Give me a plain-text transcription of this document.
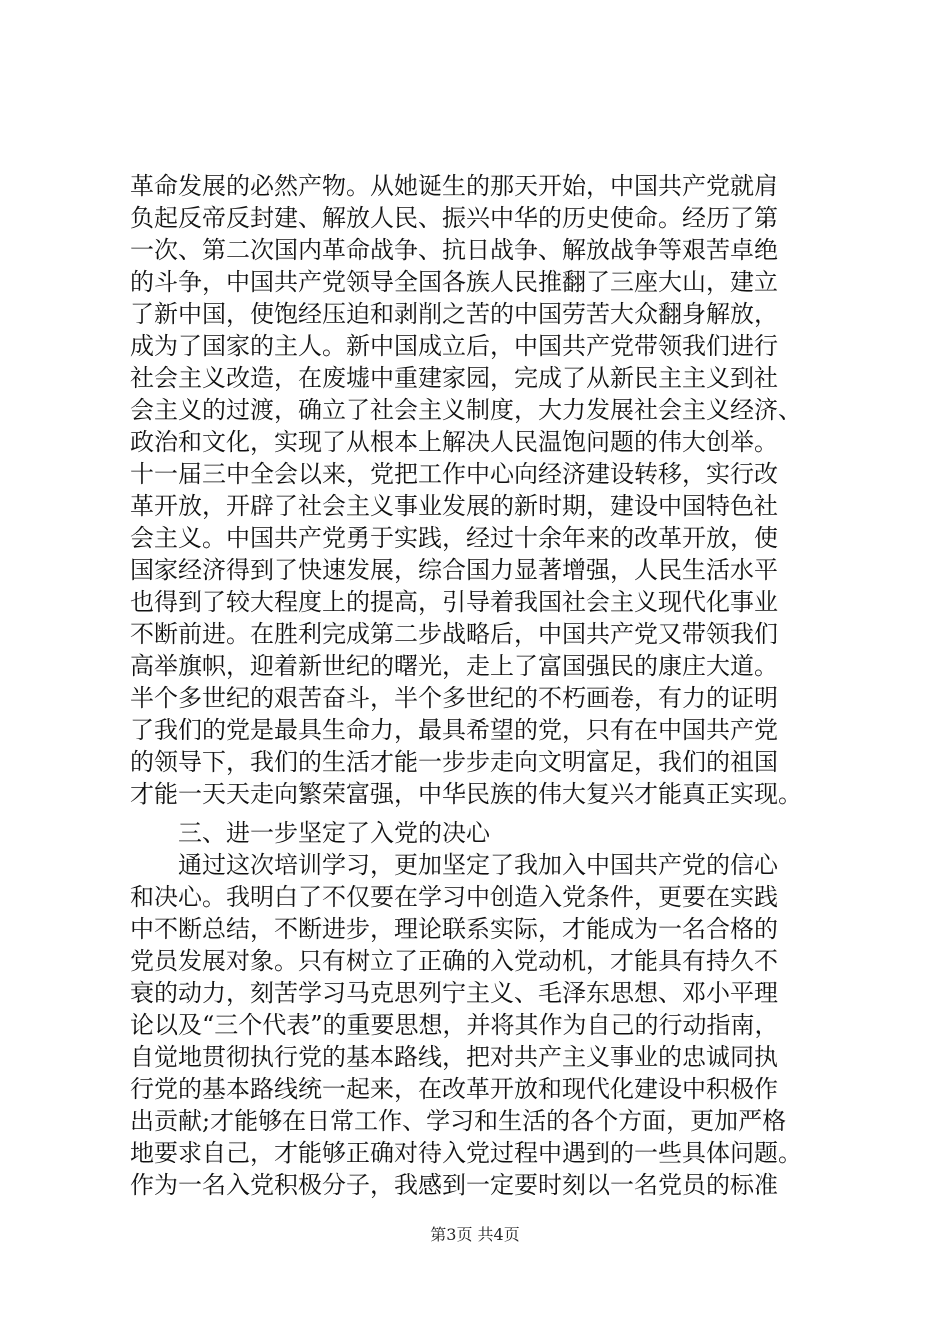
革命发展的必然产物。从她诞生的那天开始，中国共产党就肩
负起反帝反封建、解放人民、振兴中华的历史使命。经历了第
一次、第二次国内革命战争、抗日战争、解放战争等艰苦卓绝
的斗争，中国共产党领导全国各族人民推翻了三座大山，建立
了新中国，使饱经压迫和剥削之苦的中国劳苦大众翻身解放，
成为了国家的主人。新中国成立后，中国共产党带领我们进行
社会主义改造，在废墟中重建家园，完成了从新民主主义到社
会主义的过渡，确立了社会主义制度，大力发展社会主义经济、
政治和文化，实现了从根本上解决人民温饱问题的伟大创举。
十一届三中全会以来，党把工作中心向经济建设转移，实行改
革开放，开辟了社会主义事业发展的新时期，建设中国特色社
会主义。中国共产党勇于实践，经过十余年来的改革开放，使
国家经济得到了快速发展，综合国力显著增强，人民生活水平
也得到了较大程度上的提高，引导着我国社会主义现代化事业
不断前进。在胜利完成第二步战略后，中国共产党又带领我们
高举旗帜，迎着新世纪的曙光，走上了富国强民的康庄大道。
半个多世纪的艰苦奋斗，半个多世纪的不朽画卷，有力的证明
了我们的党是最具生命力，最具希望的党，只有在中国共产党
的领导下，我们的生活才能一步步走向文明富足，我们的祖国
才能一天天走向繁荣富强，中华民族的伟大复兴才能真正实现。
三、进一步坚定了入党的决心
通过这次培训学习，更加坚定了我加入中国共产党的信心
和决心。我明白了不仅要在学习中创造入党条件，更要在实践
中不断总结，不断进步，理论联系实际，才能成为一名合格的
党员发展对象。只有树立了正确的入党动机，才能具有持久不
衰的动力，刻苦学习马克思列宁主义、毛泽东思想、邓小平理
论以及“三个代表”的重要思想，并将其作为自己的行动指南，
自觉地贯彻执行党的基本路线，把对共产主义事业的忠诚同执
行党的基本路线统一起来，在改革开放和现代化建设中积极作
出贡献;才能够在日常工作、学习和生活的各个方面，更加严格
地要求自己，才能够正确对待入党过程中遇到的一些具体问题。
作为一名入党积极分子，我感到一定要时刻以一名党员的标准
第3页 共4页
